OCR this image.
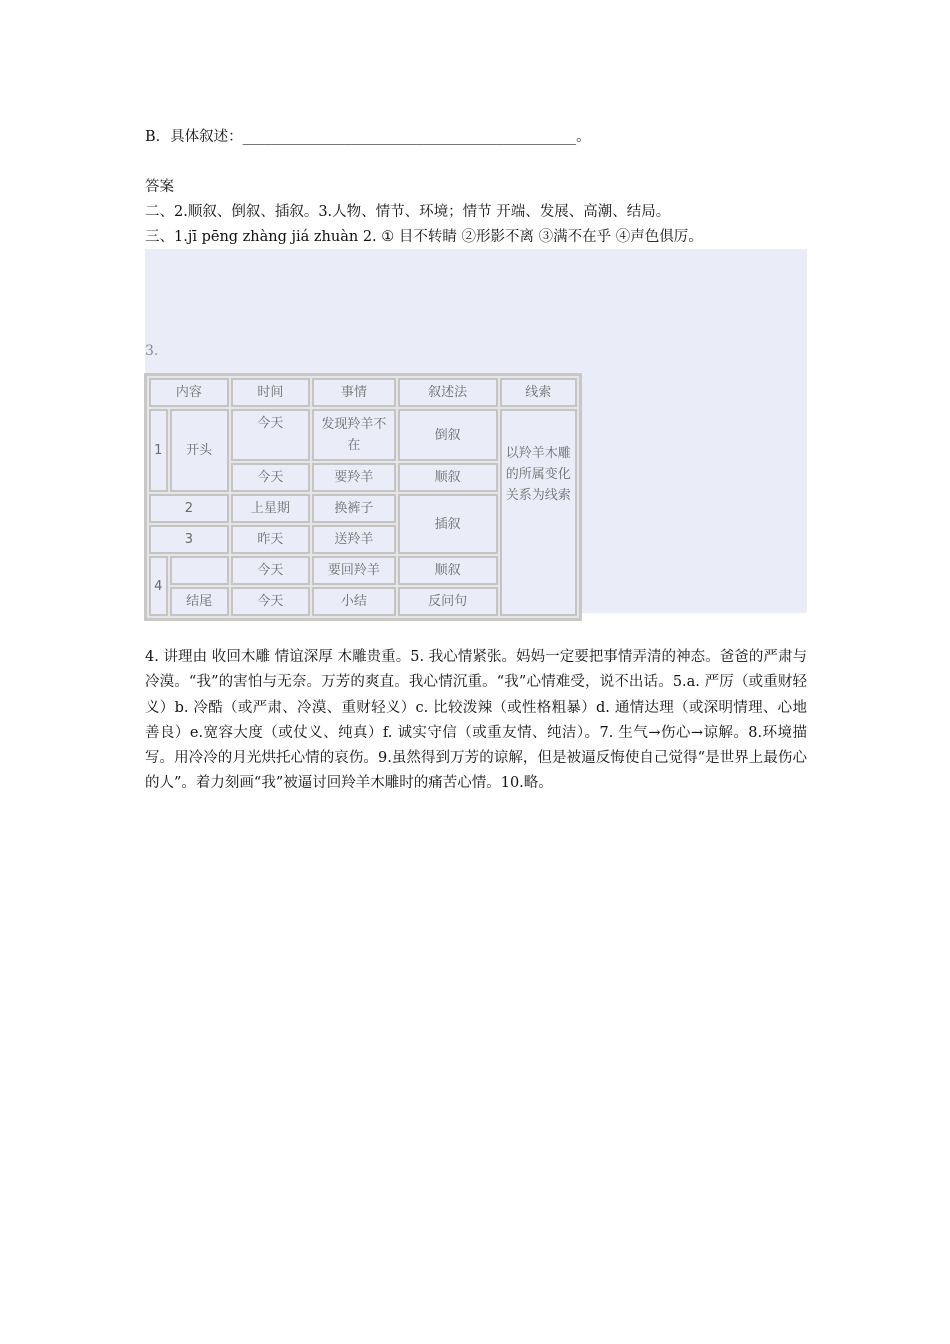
B．具体叙述：______________________________________________。
答案
二、2.顺叙、倒叙、插叙。3.人物、情节、环境；情节 开端、发展、高潮、结局。
三、1.jī pēng zhàng jiá zhuàn 2. ① 目不转睛 ②形影不离 ③满不在乎 ④声色俱厉。
3.
内容		时间	事情	叙述法	线索
1	开头	今天	发现羚羊不在	倒叙	以羚羊木雕的所属变化关系为线索
		今天	要羚羊	顺叙	
2		上星期	换裤子	插叙	
3		昨天	送羚羊		
4		今天	要回羚羊	顺叙	
	结尾	今天	小结	反问句	
4. 讲理由 收回木雕 情谊深厚 木雕贵重。5. 我心情紧张。妈妈一定要把事情弄清的神态。爸爸的严肃与冷漠。“我”的害怕与无奈。万芳的爽直。我心情沉重。“我”心情难受，说不出话。5.a. 严厉（或重财轻义）b. 冷酷（或严肃、冷漠、重财轻义）c. 比较泼辣（或性格粗暴）d. 通情达理（或深明情理、心地善良）e.宽容大度（或仗义、纯真）f. 诚实守信（或重友情、纯洁）。7. 生气→伤心→谅解。8.环境描写。用冷冷的月光烘托心情的哀伤。9.虽然得到万芳的谅解，但是被逼反悔使自己觉得“是世界上最伤心的人”。着力刻画“我”被逼讨回羚羊木雕时的痛苦心情。10.略。
